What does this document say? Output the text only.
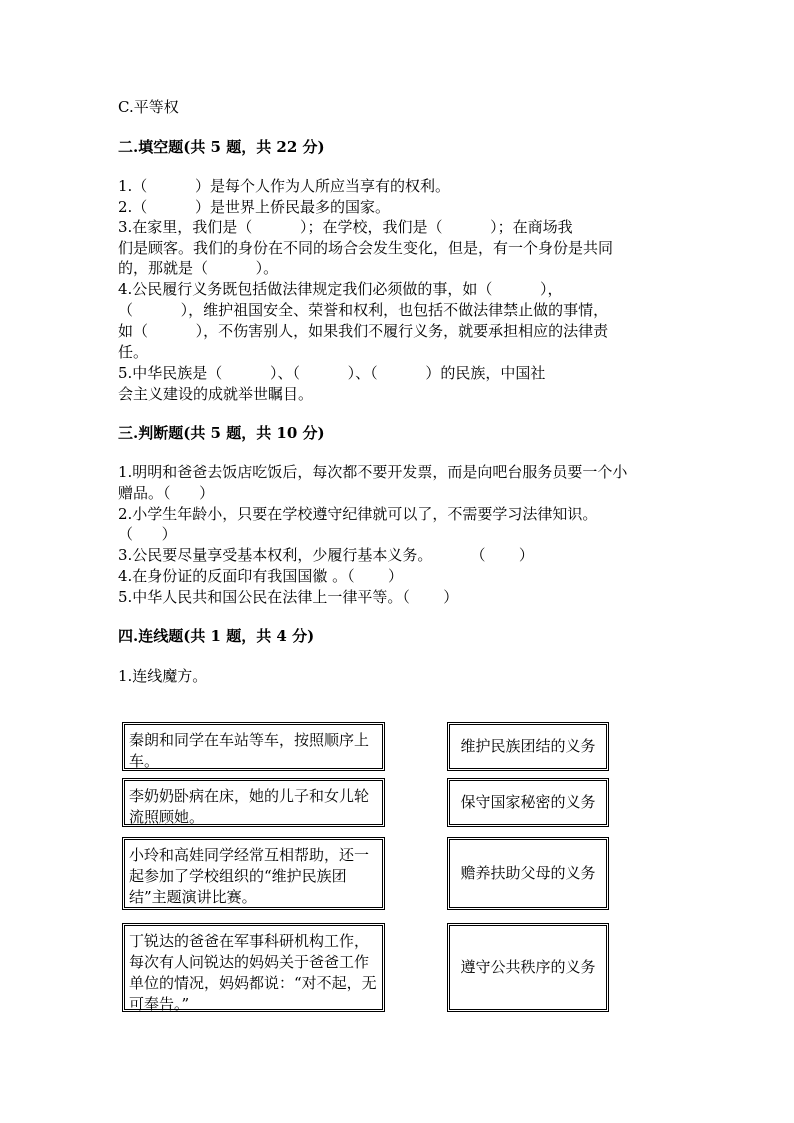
C.平等权
二.填空题(共 5 题，共 22 分)
1.（          ）是每个人作为人所应当享有的权利。
2.（          ）是世界上侨民最多的国家。
3.在家里，我们是（          ）；在学校，我们是（          ）；在商场我
们是顾客。我们的身份在不同的场合会发生变化，但是，有一个身份是共同
的，那就是（          ）。
4.公民履行义务既包括做法律规定我们必须做的事，如（          ），
（          ），维护祖国安全、荣誉和权利，也包括不做法律禁止做的事情，
如（          ），不伤害别人，如果我们不履行义务，就要承担相应的法律责
任。
5.中华民族是（          ）、（          ）、（          ）的民族，中国社
会主义建设的成就举世瞩目。
三.判断题(共 5 题，共 10 分)
1.明明和爸爸去饭店吃饭后，每次都不要开发票，而是向吧台服务员要一个小
赠品。（      ）
2.小学生年龄小，只要在学校遵守纪律就可以了，不需要学习法律知识。
（      ）
3.公民要尽量享受基本权利，少履行基本义务。        （       ）
4.在身份证的反面印有我国国徽 。（       ）
5.中华人民共和国公民在法律上一律平等。（       ）
四.连线题(共 1 题，共 4 分)
1.连线魔方。
秦朗和同学在车站等车，按照顺序上车。
李奶奶卧病在床，她的儿子和女儿轮流照顾她。
小玲和高娃同学经常互相帮助，还一起参加了学校组织的“维护民族团结”主题演讲比赛。
丁锐达的爸爸在军事科研机构工作，每次有人问锐达的妈妈关于爸爸工作单位的情况，妈妈都说：“对不起，无可奉告。”
维护民族团结的义务
保守国家秘密的义务
赡养扶助父母的义务
遵守公共秩序的义务
